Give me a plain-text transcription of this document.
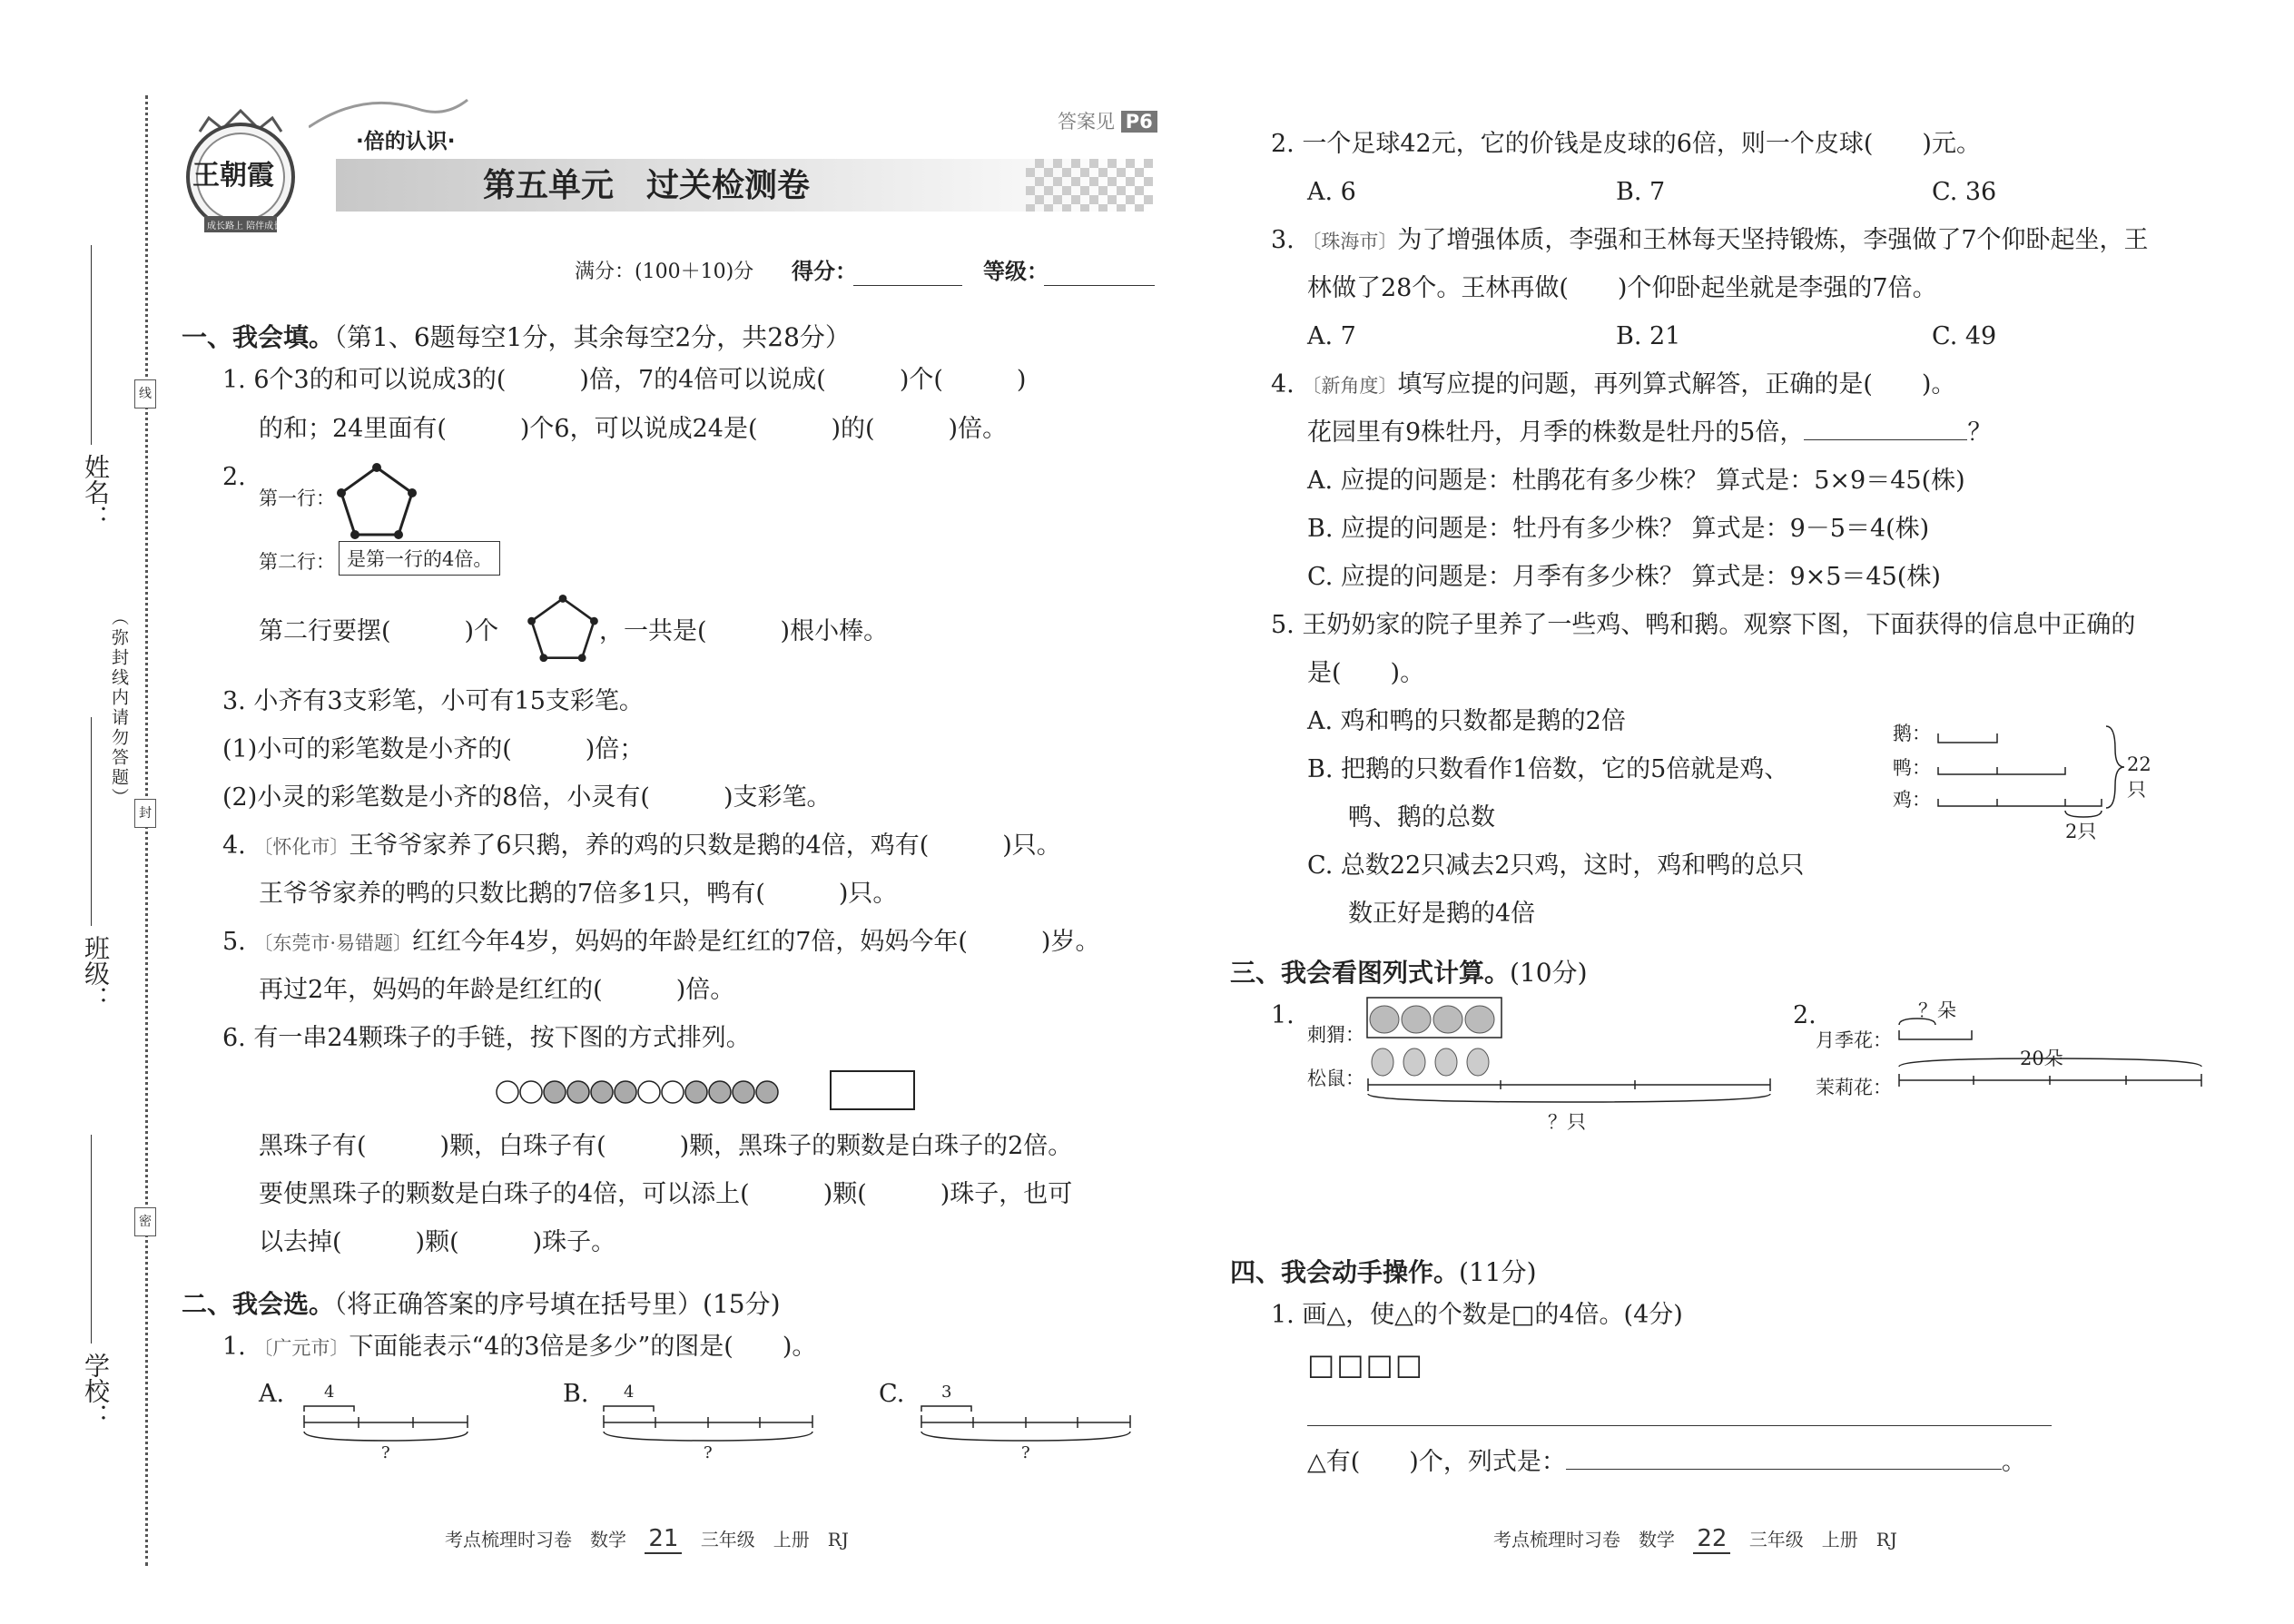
线
封
密
（弥封线内请勿答题）
姓名：
班级：
学校：
王朝霞
成长路上 陪伴成长
·倍的认识·
第五单元　过关检测卷
答案见 P6
满分：(100＋10)分 得分：	等级：
一、我会填。（第1、6题每空1分，其余每空2分，共28分）
1. 6个3的和可以说成3的(　　　)倍，7的4倍可以说成(　　　)个(　　　)
的和；24里面有(　　　)个6，可以说成24是(　　　)的(　　　)倍。
2.
第一行：
第二行： 是第一行的4倍。
第二行要摆(　　　)个	，一共是(　　　)根小棒。
3. 小齐有3支彩笔，小可有15支彩笔。
(1)小可的彩笔数是小齐的(　　　)倍；
(2)小灵的彩笔数是小齐的8倍，小灵有(　　　)支彩笔。
4. 〔怀化市〕王爷爷家养了6只鹅，养的鸡的只数是鹅的4倍，鸡有(　　　)只。
王爷爷家养的鸭的只数比鹅的7倍多1只，鸭有(　　　)只。
5. 〔东莞市·易错题〕红红今年4岁，妈妈的年龄是红红的7倍，妈妈今年(　　　)岁。
再过2年，妈妈的年龄是红红的(　　　)倍。
6. 有一串24颗珠子的手链，按下图的方式排列。
黑珠子有(　　　)颗，白珠子有(　　　)颗，黑珠子的颗数是白珠子的2倍。
要使黑珠子的颗数是白珠子的4倍，可以添上(　　　)颗(　　　)珠子，也可
以去掉(　　　)颗(　　　)珠子。
二、我会选。（将正确答案的序号填在括号里）(15分)
1. 〔广元市〕下面能表示“4的3倍是多少”的图是(　　)。
A. 4
?
B. 4
?
C. 3
?
考点梳理时习卷　数学 21 三年级　上册　RJ
2. 一个足球42元，它的价钱是皮球的6倍，则一个皮球(　　)元。
A. 6	B. 7	C. 36
3. 〔珠海市〕为了增强体质，李强和王林每天坚持锻炼，李强做了7个仰卧起坐，王
林做了28个。王林再做(　　)个仰卧起坐就是李强的7倍。
A. 7	B. 21	C. 49
4. 〔新角度〕填写应提的问题，再列算式解答，正确的是(　　)。
花园里有9株牡丹，月季的株数是牡丹的5倍，	？
A. 应提的问题是：杜鹃花有多少株？ 算式是：5×9＝45(株)
B. 应提的问题是：牡丹有多少株？ 算式是：9－5＝4(株)
C. 应提的问题是：月季有多少株？ 算式是：9×5＝45(株)
5. 王奶奶家的院子里养了一些鸡、鸭和鹅。观察下图，下面获得的信息中正确的
是(　　)。
A. 鸡和鸭的只数都是鹅的2倍
B. 把鹅的只数看作1倍数，它的5倍就是鸡、
鸭、鹅的总数
C. 总数22只减去2只鸡，这时，鸡和鸭的总只
数正好是鹅的4倍
鹅：
鸭：
鸡：
22只
2只
三、我会看图列式计算。(10分)
1.
刺猬：
松鼠：
？只
2.	？朵
月季花：
20朵
茉莉花：
四、我会动手操作。(11分)
1. 画△，使△的个数是□的4倍。(4分)
□□□□
△有(　　)个，列式是：	。
考点梳理时习卷　数学 22 三年级　上册　RJ
